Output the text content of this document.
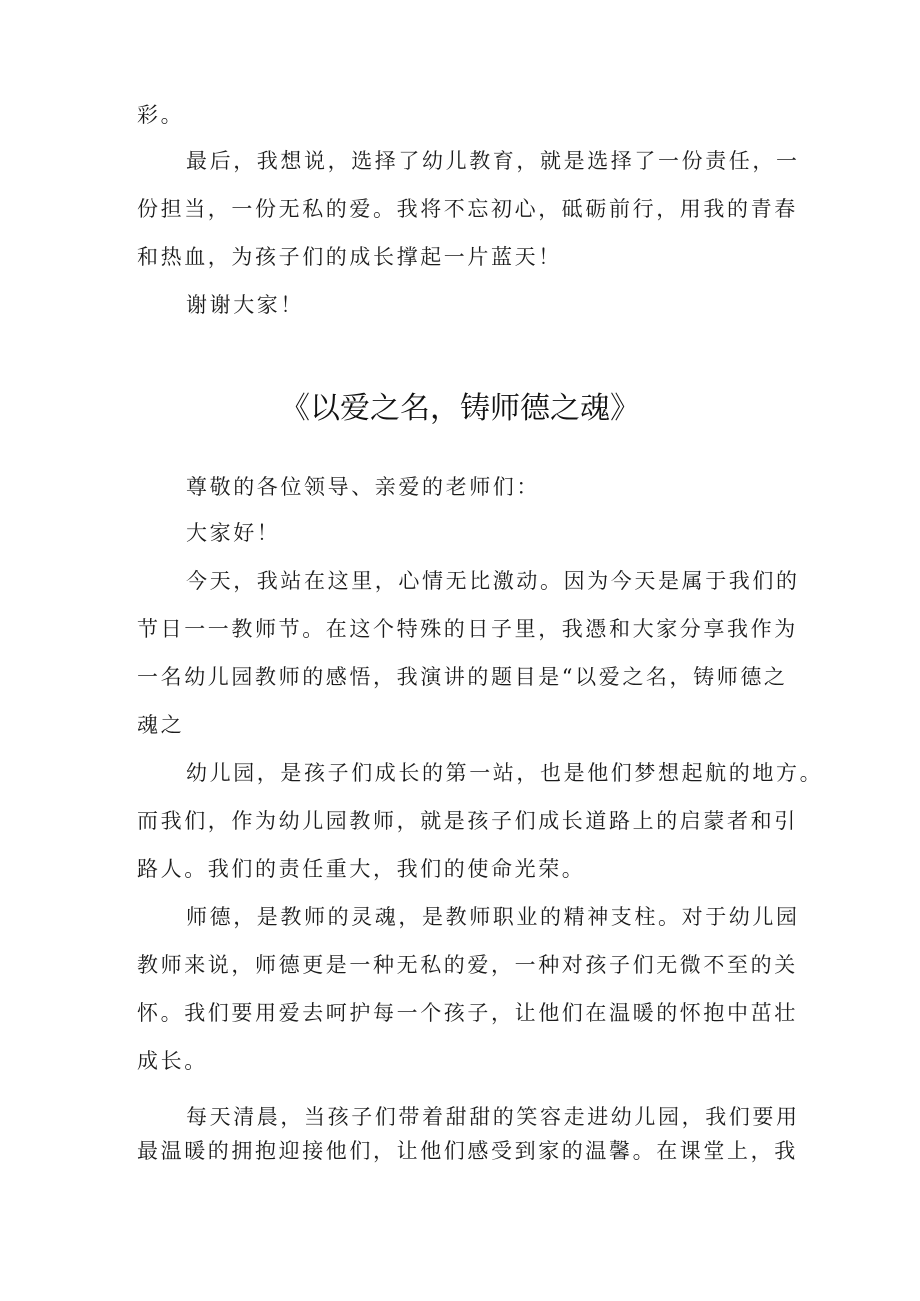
彩。
最后，我想说，选择了幼儿教育，就是选择了一份责任，一
份担当，一份无私的爱。我将不忘初心，砥砺前行，用我的青春
和热血，为孩子们的成长撑起一片蓝天！
谢谢大家！
《以爱之名，铸师德之魂》
尊敬的各位领导、亲爱的老师们：
大家好！
今天，我站在这里，心情无比激动。因为今天是属于我们的
节日一一教师节。在这个特殊的日子里，我憑和大家分享我作为
一名幼儿园教师的感悟，我演讲的题目是“以爱之名，铸师德之
魂之
幼儿园，是孩子们成长的第一站，也是他们梦想起航的地方。
而我们，作为幼儿园教师，就是孩子们成长道路上的启蒙者和引
路人。我们的责任重大，我们的使命光荣。
师德，是教师的灵魂，是教师职业的精神支柱。对于幼儿园
教师来说，师德更是一种无私的爱，一种对孩子们无微不至的关
怀。我们要用爱去呵护每一个孩子，让他们在温暖的怀抱中茁壮
成长。
每天清晨，当孩子们带着甜甜的笑容走进幼儿园，我们要用
最温暖的拥抱迎接他们，让他们感受到家的温馨。在课堂上，我
